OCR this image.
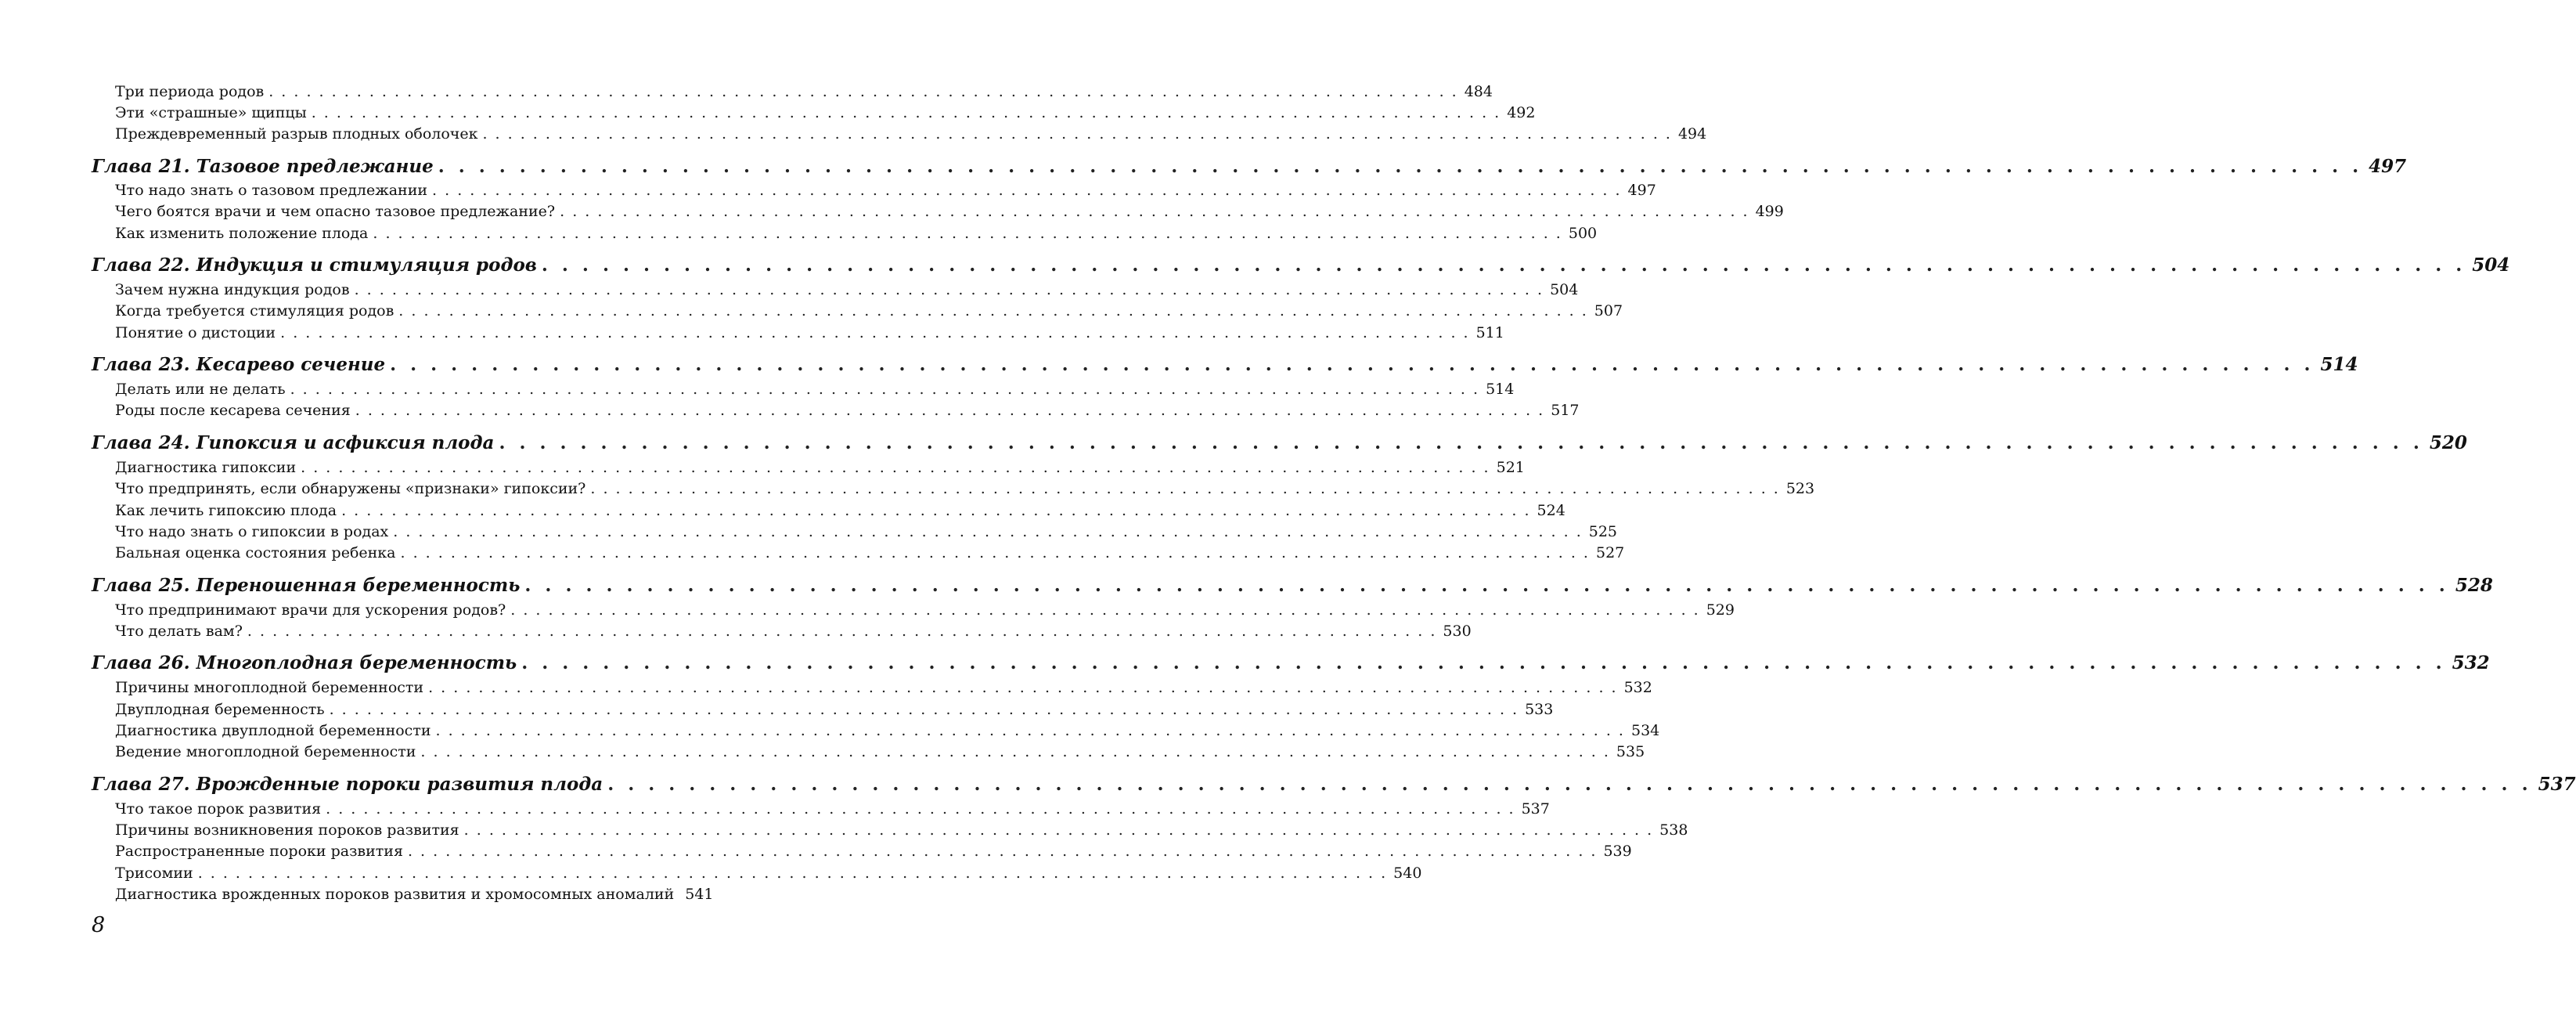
Три периода родов . . . . . . . . . . . . . . . . . . . . . . . . . . . . . . . . . . . . . . . . . . . . . . . . . . . . . . . . . . . . . . . . . . . . . . . . . . . . . . . . . . . . . . . . . . . . . . . 484
Эти «страшные» щипцы . . . . . . . . . . . . . . . . . . . . . . . . . . . . . . . . . . . . . . . . . . . . . . . . . . . . . . . . . . . . . . . . . . . . . . . . . . . . . . . . . . . . . . . . . . . . . . . 492
Преждевременный разрыв плодных оболочек . . . . . . . . . . . . . . . . . . . . . . . . . . . . . . . . . . . . . . . . . . . . . . . . . . . . . . . . . . . . . . . . . . . . . . . . . . . . . . . . . . . . . . . . . . . . . . . 494
Глава 21. Тазовое предлежание . . . . . . . . . . . . . . . . . . . . . . . . . . . . . . . . . . . . . . . . . . . . . . . . . . . . . . . . . . . . . . . . . . . . . . . . . . . . . . . . . . . . . . . . . . . . . . . 497
Что надо знать о тазовом предлежании . . . . . . . . . . . . . . . . . . . . . . . . . . . . . . . . . . . . . . . . . . . . . . . . . . . . . . . . . . . . . . . . . . . . . . . . . . . . . . . . . . . . . . . . . . . . . . . 497
Чего боятся врачи и чем опасно тазовое предлежание? . . . . . . . . . . . . . . . . . . . . . . . . . . . . . . . . . . . . . . . . . . . . . . . . . . . . . . . . . . . . . . . . . . . . . . . . . . . . . . . . . . . . . . . . . . . . . . . 499
Как изменить положение плода . . . . . . . . . . . . . . . . . . . . . . . . . . . . . . . . . . . . . . . . . . . . . . . . . . . . . . . . . . . . . . . . . . . . . . . . . . . . . . . . . . . . . . . . . . . . . . . 500
Глава 22. Индукция и стимуляция родов . . . . . . . . . . . . . . . . . . . . . . . . . . . . . . . . . . . . . . . . . . . . . . . . . . . . . . . . . . . . . . . . . . . . . . . . . . . . . . . . . . . . . . . . . . . . . . . 504
Зачем нужна индукция родов . . . . . . . . . . . . . . . . . . . . . . . . . . . . . . . . . . . . . . . . . . . . . . . . . . . . . . . . . . . . . . . . . . . . . . . . . . . . . . . . . . . . . . . . . . . . . . . 504
Когда требуется стимуляция родов . . . . . . . . . . . . . . . . . . . . . . . . . . . . . . . . . . . . . . . . . . . . . . . . . . . . . . . . . . . . . . . . . . . . . . . . . . . . . . . . . . . . . . . . . . . . . . . 507
Понятие о дистоции . . . . . . . . . . . . . . . . . . . . . . . . . . . . . . . . . . . . . . . . . . . . . . . . . . . . . . . . . . . . . . . . . . . . . . . . . . . . . . . . . . . . . . . . . . . . . . . 511
Глава 23. Кесарево сечение . . . . . . . . . . . . . . . . . . . . . . . . . . . . . . . . . . . . . . . . . . . . . . . . . . . . . . . . . . . . . . . . . . . . . . . . . . . . . . . . . . . . . . . . . . . . . . . 514
Делать или не делать . . . . . . . . . . . . . . . . . . . . . . . . . . . . . . . . . . . . . . . . . . . . . . . . . . . . . . . . . . . . . . . . . . . . . . . . . . . . . . . . . . . . . . . . . . . . . . . 514
Роды после кесарева сечения . . . . . . . . . . . . . . . . . . . . . . . . . . . . . . . . . . . . . . . . . . . . . . . . . . . . . . . . . . . . . . . . . . . . . . . . . . . . . . . . . . . . . . . . . . . . . . . 517
Глава 24. Гипоксия и асфиксия плода . . . . . . . . . . . . . . . . . . . . . . . . . . . . . . . . . . . . . . . . . . . . . . . . . . . . . . . . . . . . . . . . . . . . . . . . . . . . . . . . . . . . . . . . . . . . . . . 520
Диагностика гипоксии . . . . . . . . . . . . . . . . . . . . . . . . . . . . . . . . . . . . . . . . . . . . . . . . . . . . . . . . . . . . . . . . . . . . . . . . . . . . . . . . . . . . . . . . . . . . . . . 521
Что предпринять, если обнаружены «признаки» гипоксии? . . . . . . . . . . . . . . . . . . . . . . . . . . . . . . . . . . . . . . . . . . . . . . . . . . . . . . . . . . . . . . . . . . . . . . . . . . . . . . . . . . . . . . . . . . . . . . . 523
Как лечить гипоксию плода . . . . . . . . . . . . . . . . . . . . . . . . . . . . . . . . . . . . . . . . . . . . . . . . . . . . . . . . . . . . . . . . . . . . . . . . . . . . . . . . . . . . . . . . . . . . . . . 524
Что надо знать о гипоксии в родах . . . . . . . . . . . . . . . . . . . . . . . . . . . . . . . . . . . . . . . . . . . . . . . . . . . . . . . . . . . . . . . . . . . . . . . . . . . . . . . . . . . . . . . . . . . . . . . 525
Бальная оценка состояния ребенка . . . . . . . . . . . . . . . . . . . . . . . . . . . . . . . . . . . . . . . . . . . . . . . . . . . . . . . . . . . . . . . . . . . . . . . . . . . . . . . . . . . . . . . . . . . . . . . 527
Глава 25. Переношенная беременность . . . . . . . . . . . . . . . . . . . . . . . . . . . . . . . . . . . . . . . . . . . . . . . . . . . . . . . . . . . . . . . . . . . . . . . . . . . . . . . . . . . . . . . . . . . . . . . 528
Что предпринимают врачи для ускорения родов? . . . . . . . . . . . . . . . . . . . . . . . . . . . . . . . . . . . . . . . . . . . . . . . . . . . . . . . . . . . . . . . . . . . . . . . . . . . . . . . . . . . . . . . . . . . . . . . 529
Что делать вам? . . . . . . . . . . . . . . . . . . . . . . . . . . . . . . . . . . . . . . . . . . . . . . . . . . . . . . . . . . . . . . . . . . . . . . . . . . . . . . . . . . . . . . . . . . . . . . . 530
Глава 26. Многоплодная беременность . . . . . . . . . . . . . . . . . . . . . . . . . . . . . . . . . . . . . . . . . . . . . . . . . . . . . . . . . . . . . . . . . . . . . . . . . . . . . . . . . . . . . . . . . . . . . . . 532
Причины многоплодной беременности . . . . . . . . . . . . . . . . . . . . . . . . . . . . . . . . . . . . . . . . . . . . . . . . . . . . . . . . . . . . . . . . . . . . . . . . . . . . . . . . . . . . . . . . . . . . . . . 532
Двуплодная беременность . . . . . . . . . . . . . . . . . . . . . . . . . . . . . . . . . . . . . . . . . . . . . . . . . . . . . . . . . . . . . . . . . . . . . . . . . . . . . . . . . . . . . . . . . . . . . . . 533
Диагностика двуплодной беременности . . . . . . . . . . . . . . . . . . . . . . . . . . . . . . . . . . . . . . . . . . . . . . . . . . . . . . . . . . . . . . . . . . . . . . . . . . . . . . . . . . . . . . . . . . . . . . . 534
Ведение многоплодной беременности . . . . . . . . . . . . . . . . . . . . . . . . . . . . . . . . . . . . . . . . . . . . . . . . . . . . . . . . . . . . . . . . . . . . . . . . . . . . . . . . . . . . . . . . . . . . . . . 535
Глава 27. Врожденные пороки развития плода . . . . . . . . . . . . . . . . . . . . . . . . . . . . . . . . . . . . . . . . . . . . . . . . . . . . . . . . . . . . . . . . . . . . . . . . . . . . . . . . . . . . . . . . . . . . . . . 537
Что такое порок развития . . . . . . . . . . . . . . . . . . . . . . . . . . . . . . . . . . . . . . . . . . . . . . . . . . . . . . . . . . . . . . . . . . . . . . . . . . . . . . . . . . . . . . . . . . . . . . . 537
Причины возникновения пороков развития . . . . . . . . . . . . . . . . . . . . . . . . . . . . . . . . . . . . . . . . . . . . . . . . . . . . . . . . . . . . . . . . . . . . . . . . . . . . . . . . . . . . . . . . . . . . . . . 538
Распространенные пороки развития . . . . . . . . . . . . . . . . . . . . . . . . . . . . . . . . . . . . . . . . . . . . . . . . . . . . . . . . . . . . . . . . . . . . . . . . . . . . . . . . . . . . . . . . . . . . . . . 539
Трисомии . . . . . . . . . . . . . . . . . . . . . . . . . . . . . . . . . . . . . . . . . . . . . . . . . . . . . . . . . . . . . . . . . . . . . . . . . . . . . . . . . . . . . . . . . . . . . . . 540
Диагностика врожденных пороков развития и хромосомных аномалий 541
8
